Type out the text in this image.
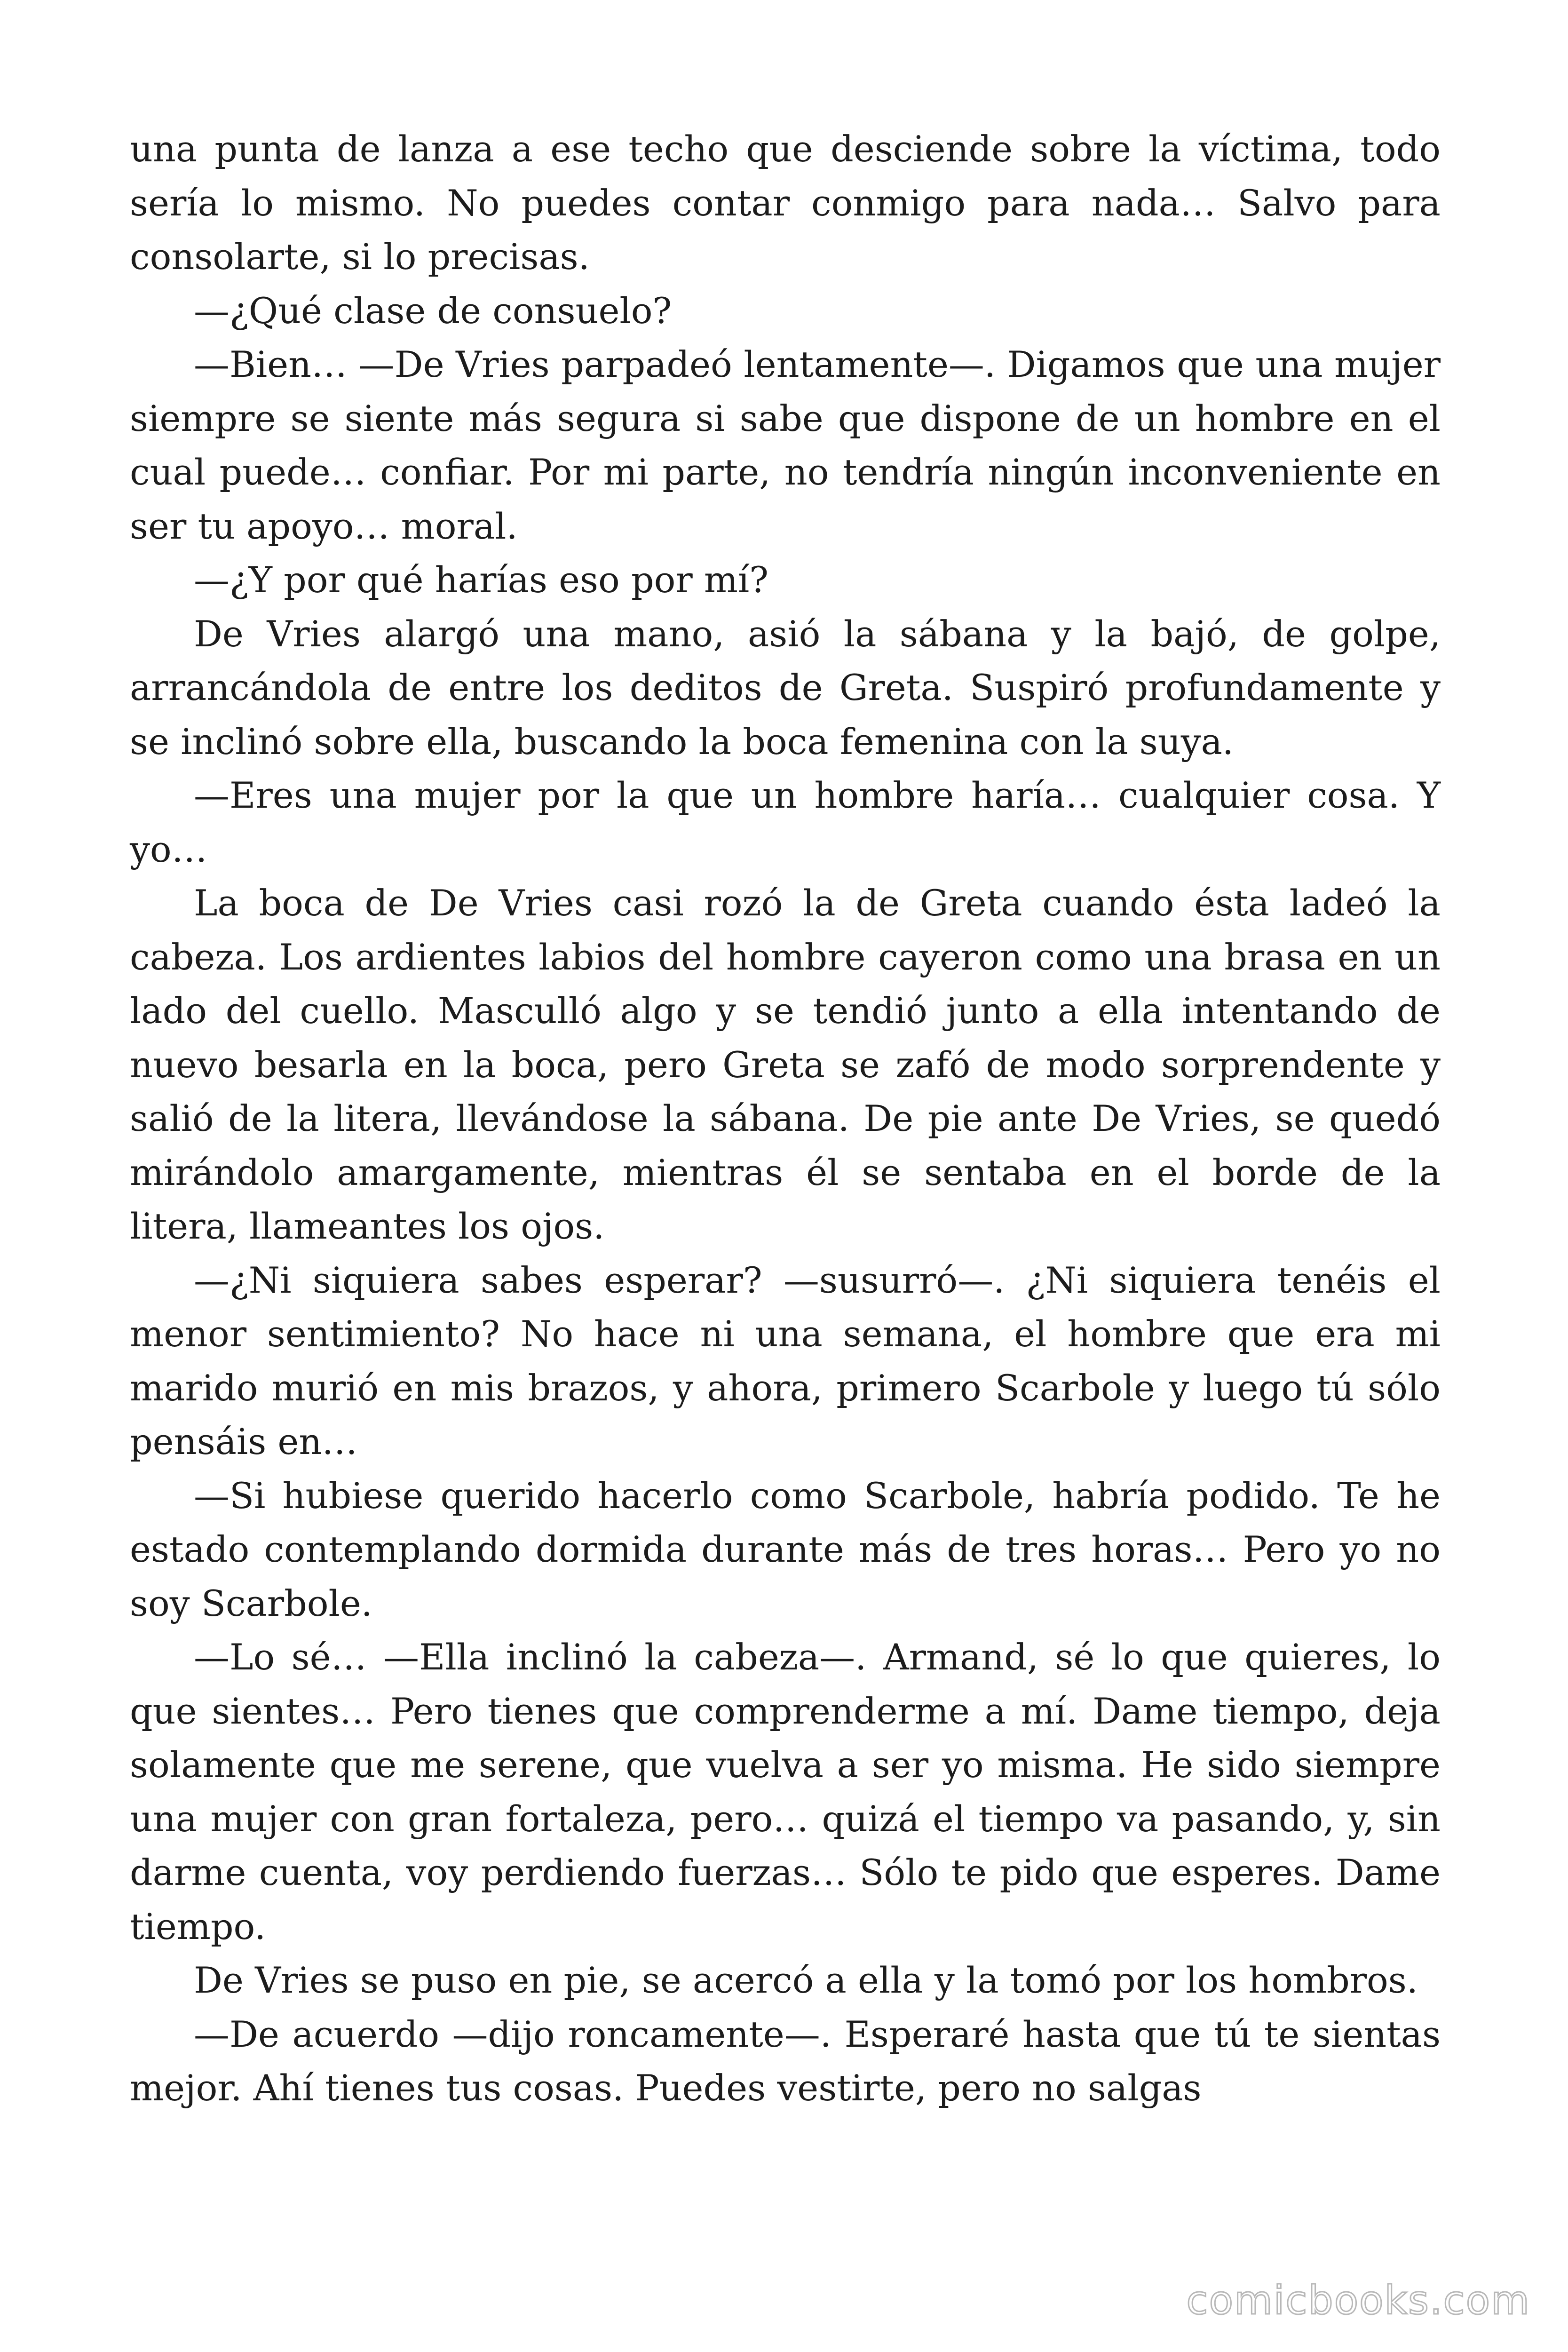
una punta de lanza a ese techo que desciende sobre la víctima, todo sería lo mismo. No puedes contar conmigo para nada… Salvo para consolarte, si lo precisas.

—¿Qué clase de consuelo?

—Bien… —De Vries parpadeó lentamente—. Digamos que una mujer siempre se siente más segura si sabe que dispone de un hombre en el cual puede… confiar. Por mi parte, no tendría ningún inconveniente en ser tu apoyo… moral.

—¿Y por qué harías eso por mí?

De Vries alargó una mano, asió la sábana y la bajó, de golpe, arrancándola de entre los deditos de Greta. Suspiró profundamente y se inclinó sobre ella, buscando la boca femenina con la suya.

—Eres una mujer por la que un hombre haría… cualquier cosa. Y yo…

La boca de De Vries casi rozó la de Greta cuando ésta ladeó la cabeza. Los ardientes labios del hombre cayeron como una brasa en un lado del cuello. Masculló algo y se tendió junto a ella intentando de nuevo besarla en la boca, pero Greta se zafó de modo sorprendente y salió de la litera, llevándose la sábana. De pie ante De Vries, se quedó mirándolo amargamente, mientras él se sentaba en el borde de la litera, llameantes los ojos.

—¿Ni siquiera sabes esperar? —susurró—. ¿Ni siquiera tenéis el menor sentimiento? No hace ni una semana, el hombre que era mi marido murió en mis brazos, y ahora, primero Scarbole y luego tú sólo pensáis en…

—Si hubiese querido hacerlo como Scarbole, habría podido. Te he estado contemplando dormida durante más de tres horas… Pero yo no soy Scarbole.

—Lo sé… —Ella inclinó la cabeza—. Armand, sé lo que quieres, lo que sientes… Pero tienes que comprenderme a mí. Dame tiempo, deja solamente que me serene, que vuelva a ser yo misma. He sido siempre una mujer con gran fortaleza, pero… quizá el tiempo va pasando, y, sin darme cuenta, voy perdiendo fuerzas… Sólo te pido que esperes. Dame tiempo.

De Vries se puso en pie, se acercó a ella y la tomó por los hombros.

—De acuerdo —dijo roncamente—. Esperaré hasta que tú te sientas mejor. Ahí tienes tus cosas. Puedes vestirte, pero no salgas

comicbooks.com
